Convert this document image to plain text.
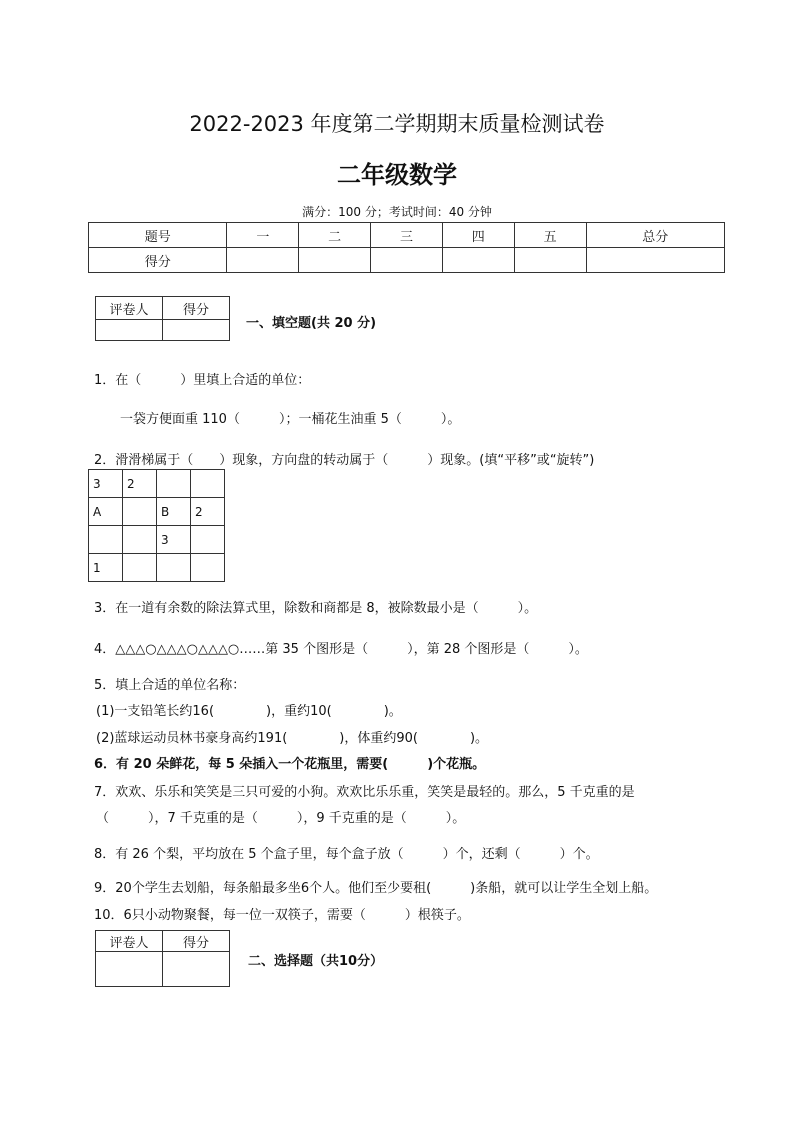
2022-2023 年度第二学期期末质量检测试卷
二年级数学
满分：100 分；考试时间：40 分钟
题号	一	二	三	四	五	总分
得分						
评卷人	得分

一、填空题(共 20 分)
1．在（　　　）里填上合适的单位：
一袋方便面重 110（　　　）；一桶花生油重 5（　　　）。
2．滑滑梯属于（　　）现象，方向盘的转动属于（　　　）现象。(填“平移”或“旋转”)
3	2		
A		B	2
		3	
1			
3．在一道有余数的除法算式里，除数和商都是 8，被除数最小是（　　　）。
4．△△△○△△△○△△△○……第 35 个图形是（　　　），第 28 个图形是（　　　）。
5．填上合适的单位名称：
(1)一支铅笔长约16(　　　　)，重约10(　　　　)。
(2)蓝球运动员林书豪身高约191(　　　　)，体重约90(　　　　)。
6．有 20 朵鲜花，每 5 朵插入一个花瓶里，需要(　　　)个花瓶。
7．欢欢、乐乐和笑笑是三只可爱的小狗。欢欢比乐乐重，笑笑是最轻的。那么，5 千克重的是
（　　　），7 千克重的是（　　　），9 千克重的是（　　　）。
8．有 26 个梨，平均放在 5 个盒子里，每个盒子放（　　　）个，还剩（　　　）个。
9．20个学生去划船，每条船最多坐6个人。他们至少要租(　　　)条船，就可以让学生全划上船。
10．6只小动物聚餐，每一位一双筷子，需要（　　　）根筷子。
评卷人	得分

二、选择题（共10分）
